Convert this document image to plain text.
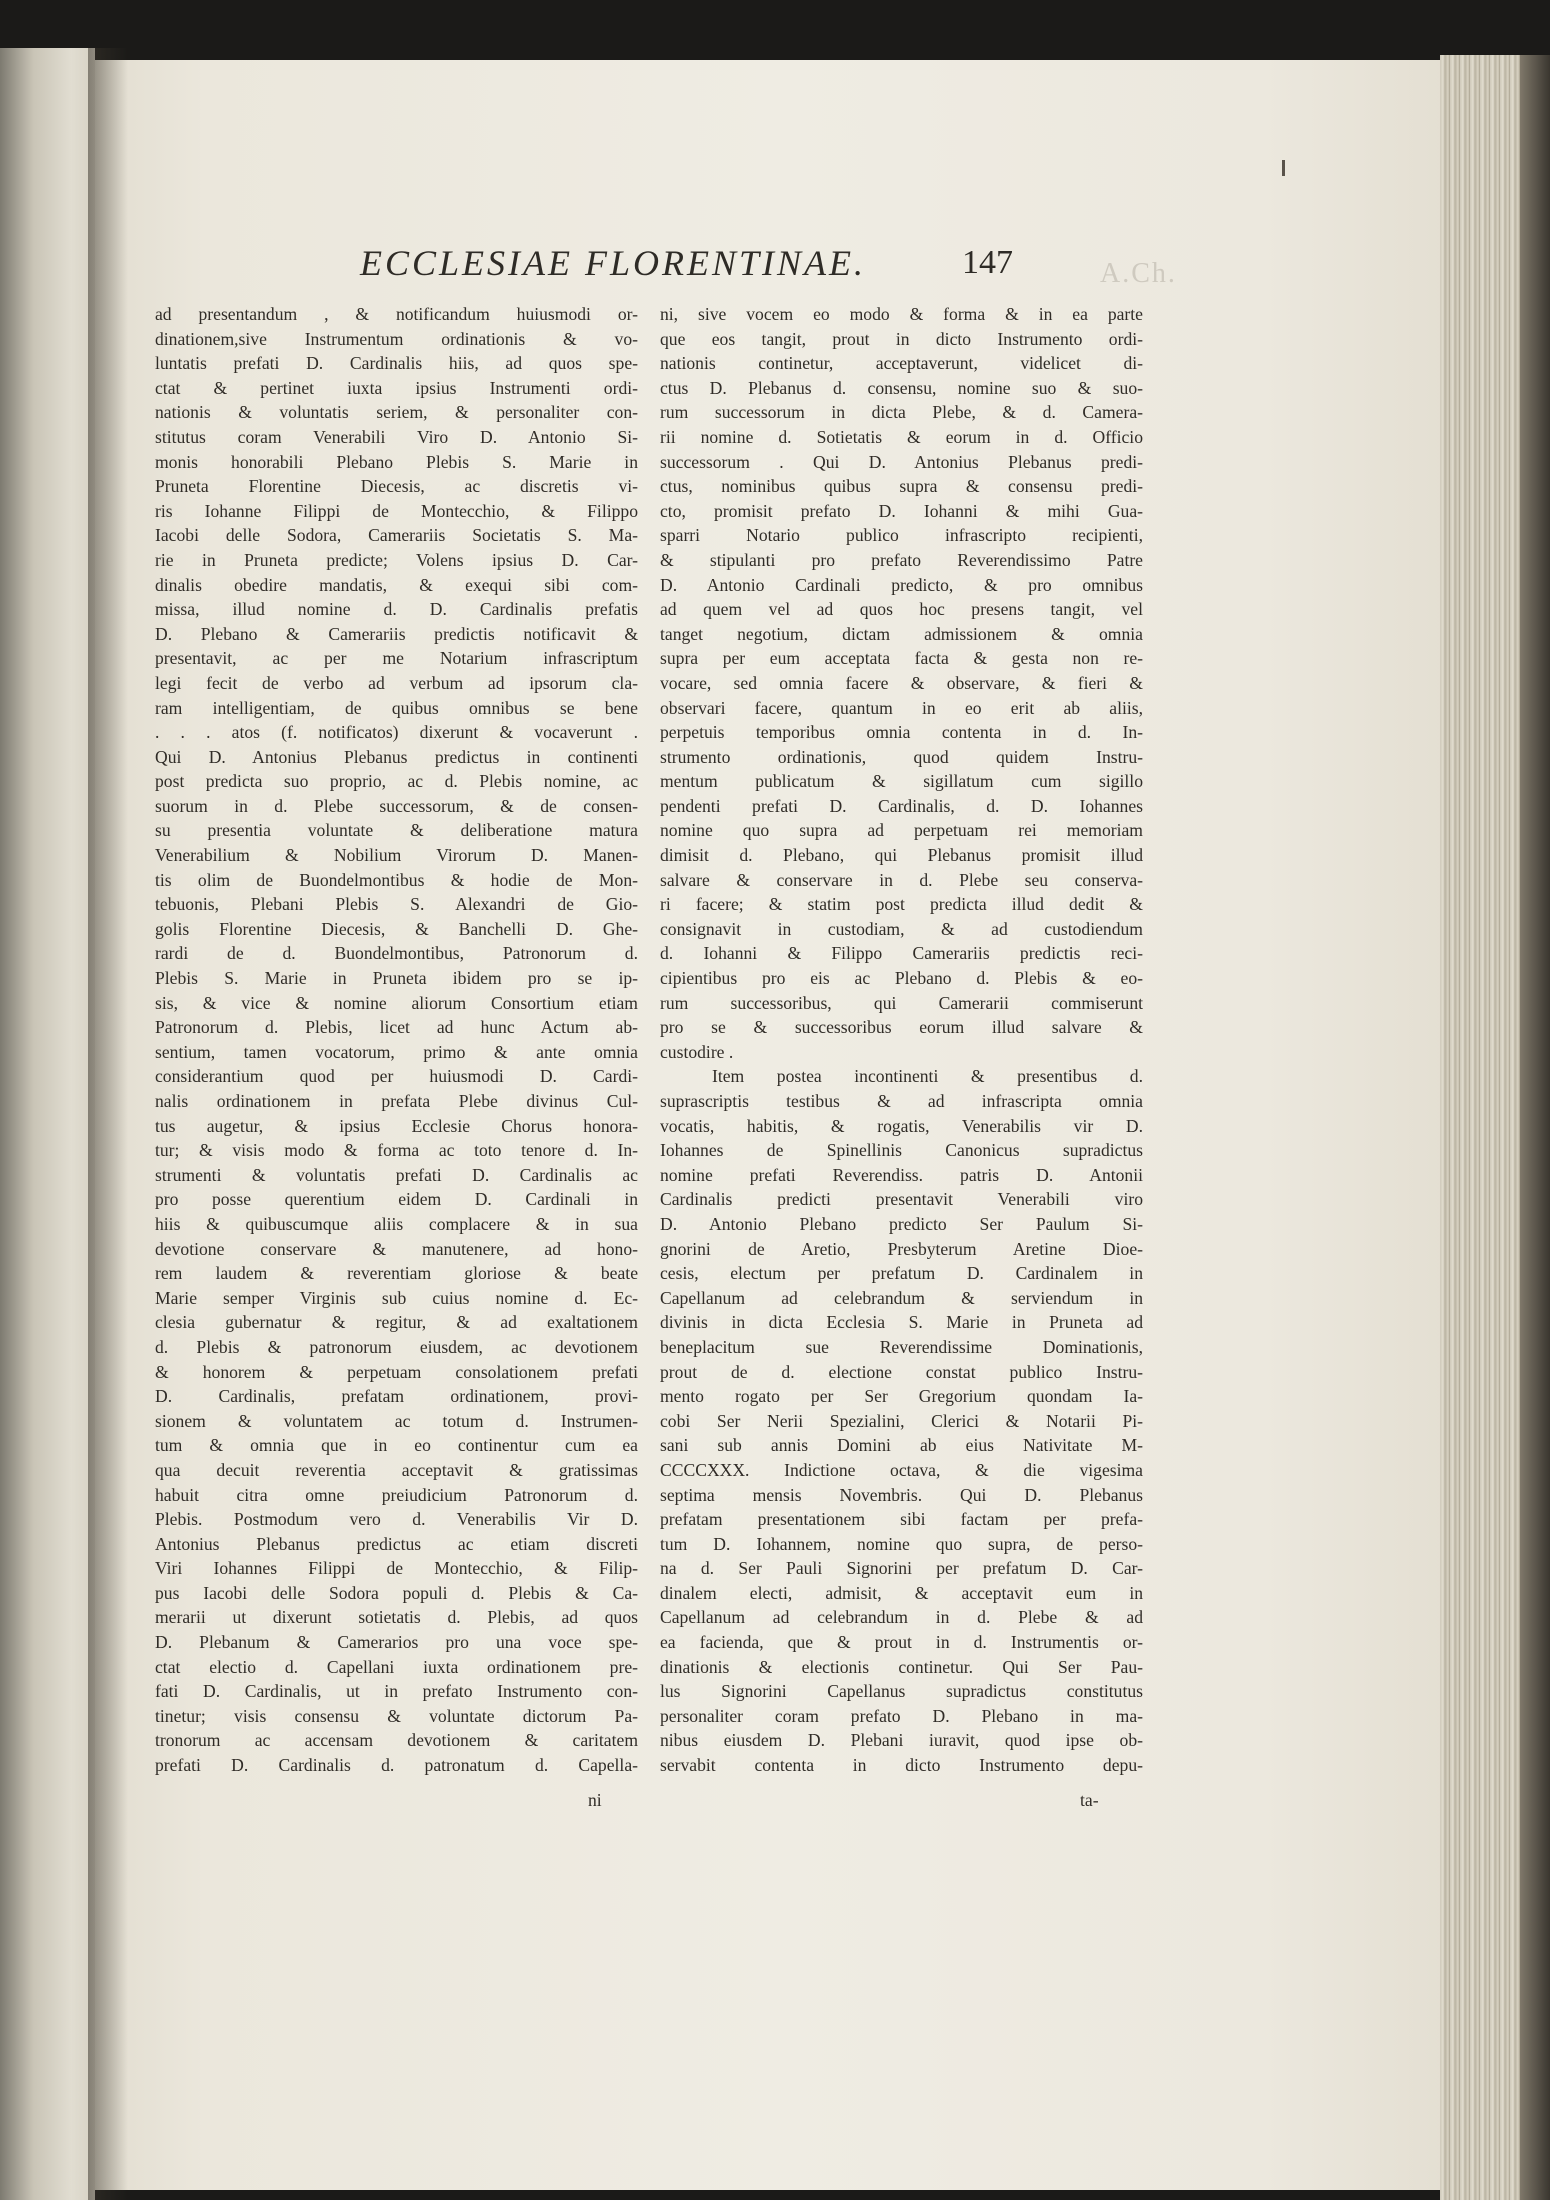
ECCLESIAE FLORENTINAE.	147	A.Ch.
ad presentandum , & notificandum huiusmodi or-
dinationem,sive Instrumentum ordinationis & vo-
luntatis prefati D. Cardinalis hiis, ad quos spe-
ctat & pertinet iuxta ipsius Instrumenti ordi-
nationis & voluntatis seriem, & personaliter con-
stitutus coram Venerabili Viro D. Antonio Si-
monis honorabili Plebano Plebis S. Marie in
Pruneta Florentine Diecesis, ac discretis vi-
ris Iohanne Filippi de Montecchio, & Filippo
Iacobi delle Sodora, Camerariis Societatis S. Ma-
rie in Pruneta predicte; Volens ipsius D. Car-
dinalis obedire mandatis, & exequi sibi com-
missa, illud nomine d. D. Cardinalis prefatis
D. Plebano & Camerariis predictis notificavit &
presentavit, ac per me Notarium infrascriptum
legi fecit de verbo ad verbum ad ipsorum cla-
ram intelligentiam, de quibus omnibus se bene
. . . atos (f. notificatos) dixerunt & vocaverunt .
Qui D. Antonius Plebanus predictus in continenti
post predicta suo proprio, ac d. Plebis nomine, ac
suorum in d. Plebe successorum, & de consen-
su presentia voluntate & deliberatione matura
Venerabilium & Nobilium Virorum D. Manen-
tis olim de Buondelmontibus & hodie de Mon-
tebuonis, Plebani Plebis S. Alexandri de Gio-
golis Florentine Diecesis, & Banchelli D. Ghe-
rardi de d. Buondelmontibus, Patronorum d.
Plebis S. Marie in Pruneta ibidem pro se ip-
sis, & vice & nomine aliorum Consortium etiam
Patronorum d. Plebis, licet ad hunc Actum ab-
sentium, tamen vocatorum, primo & ante omnia
considerantium quod per huiusmodi D. Cardi-
nalis ordinationem in prefata Plebe divinus Cul-
tus augetur, & ipsius Ecclesie Chorus honora-
tur; & visis modo & forma ac toto tenore d. In-
strumenti & voluntatis prefati D. Cardinalis ac
pro posse querentium eidem D. Cardinali in
hiis & quibuscumque aliis complacere & in sua
devotione conservare & manutenere, ad hono-
rem laudem & reverentiam gloriose & beate
Marie semper Virginis sub cuius nomine d. Ec-
clesia gubernatur & regitur, & ad exaltationem
d. Plebis & patronorum eiusdem, ac devotionem
& honorem & perpetuam consolationem prefati
D. Cardinalis, prefatam ordinationem, provi-
sionem & voluntatem ac totum d. Instrumen-
tum & omnia que in eo continentur cum ea
qua decuit reverentia acceptavit & gratissimas
habuit citra omne preiudicium Patronorum d.
Plebis. Postmodum vero d. Venerabilis Vir D.
Antonius Plebanus predictus ac etiam discreti
Viri Iohannes Filippi de Montecchio, & Filip-
pus Iacobi delle Sodora populi d. Plebis & Ca-
merarii ut dixerunt sotietatis d. Plebis, ad quos
D. Plebanum & Camerarios pro una voce spe-
ctat electio d. Capellani iuxta ordinationem pre-
fati D. Cardinalis, ut in prefato Instrumento con-
tinetur; visis consensu & voluntate dictorum Pa-
tronorum ac accensam devotionem & caritatem
prefati D. Cardinalis d. patronatum d. Capella-
ni, sive vocem eo modo & forma & in ea parte
que eos tangit, prout in dicto Instrumento ordi-
nationis continetur, acceptaverunt, videlicet di-
ctus D. Plebanus d. consensu, nomine suo & suo-
rum successorum in dicta Plebe, & d. Camera-
rii nomine d. Sotietatis & eorum in d. Officio
successorum . Qui D. Antonius Plebanus predi-
ctus, nominibus quibus supra & consensu predi-
cto, promisit prefato D. Iohanni & mihi Gua-
sparri Notario publico infrascripto recipienti,
& stipulanti pro prefato Reverendissimo Patre
D. Antonio Cardinali predicto, & pro omnibus
ad quem vel ad quos hoc presens tangit, vel
tanget negotium, dictam admissionem & omnia
supra per eum acceptata facta & gesta non re-
vocare, sed omnia facere & observare, & fieri &
observari facere, quantum in eo erit ab aliis,
perpetuis temporibus omnia contenta in d. In-
strumento ordinationis, quod quidem Instru-
mentum publicatum & sigillatum cum sigillo
pendenti prefati D. Cardinalis, d. D. Iohannes
nomine quo supra ad perpetuam rei memoriam
dimisit d. Plebano, qui Plebanus promisit illud
salvare & conservare in d. Plebe seu conserva-
ri facere; & statim post predicta illud dedit &
consignavit in custodiam, & ad custodiendum
d. Iohanni & Filippo Camerariis predictis reci-
cipientibus pro eis ac Plebano d. Plebis & eo-
rum successoribus, qui Camerarii commiserunt
pro se & successoribus eorum illud salvare &
custodire .
Item postea incontinenti & presentibus d.
suprascriptis testibus & ad infrascripta omnia
vocatis, habitis, & rogatis, Venerabilis vir D.
Iohannes de Spinellinis Canonicus supradictus
nomine prefati Reverendiss. patris D. Antonii
Cardinalis predicti presentavit Venerabili viro
D. Antonio Plebano predicto Ser Paulum Si-
gnorini de Aretio, Presbyterum Aretine Dioe-
cesis, electum per prefatum D. Cardinalem in
Capellanum ad celebrandum & serviendum in
divinis in dicta Ecclesia S. Marie in Pruneta ad
beneplacitum sue Reverendissime Dominationis,
prout de d. electione constat publico Instru-
mento rogato per Ser Gregorium quondam Ia-
cobi Ser Nerii Spezialini, Clerici & Notarii Pi-
sani sub annis Domini ab eius Nativitate M-
CCCCXXX. Indictione octava, & die vigesima
septima mensis Novembris. Qui D. Plebanus
prefatam presentationem sibi factam per prefa-
tum D. Iohannem, nomine quo supra, de perso-
na d. Ser Pauli Signorini per prefatum D. Car-
dinalem electi, admisit, & acceptavit eum in
Capellanum ad celebrandum in d. Plebe & ad
ea facienda, que & prout in d. Instrumentis or-
dinationis & electionis continetur. Qui Ser Pau-
lus Signorini Capellanus supradictus constitutus
personaliter coram prefato D. Plebano in ma-
nibus eiusdem D. Plebani iuravit, quod ipse ob-
servabit contenta in dicto Instrumento depu-
ni	ta-
